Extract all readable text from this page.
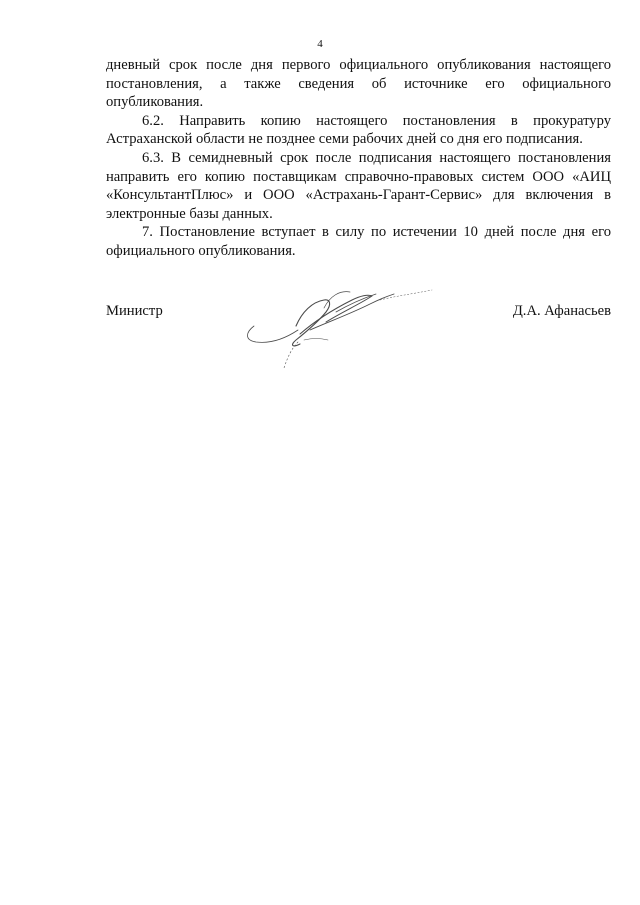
4

дневный срок после дня первого официального опубликования настоящего постановления, а также сведения об источнике его официального опубликования.

6.2. Направить копию настоящего постановления в прокуратуру Астраханской области не позднее семи рабочих дней со дня его подписания.

6.3. В семидневный срок после подписания настоящего постановления направить его копию поставщикам справочно-правовых систем ООО «АИЦ «КонсультантПлюс» и ООО «Астрахань-Гарант-Сервис» для включения в электронные базы данных.

7. Постановление вступает в силу по истечении 10 дней после дня его официального опубликования.

Министр	Д.А. Афанасьев
